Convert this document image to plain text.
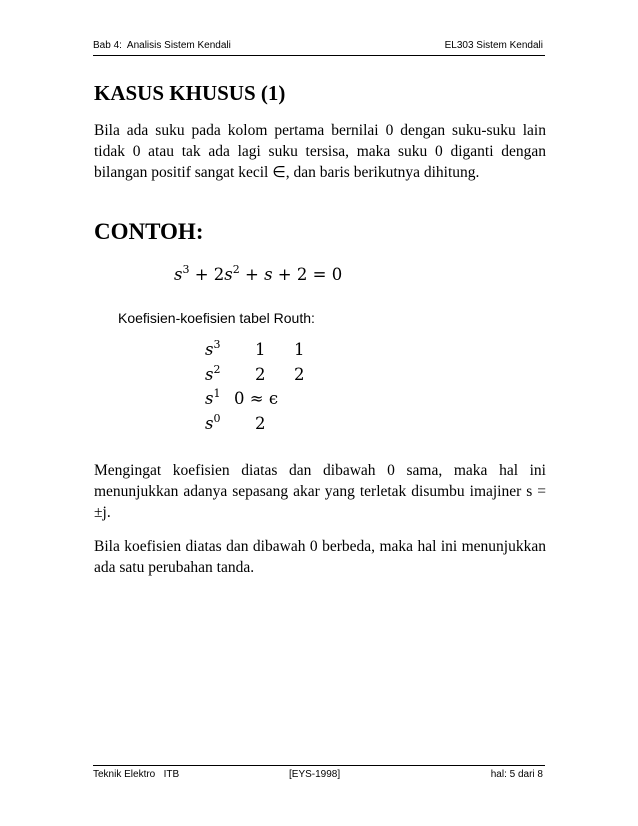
Bab 4:  Analisis Sistem Kendali	EL303 Sistem Kendali
KASUS KHUSUS (1)

Bila ada suku pada kolom pertama bernilai 0 dengan suku-suku lain tidak 0 atau tak ada lagi suku tersisa, maka suku 0 diganti dengan bilangan positif sangat kecil ∈, dan baris berikutnya dihitung.

CONTOH:
$s^3 + 2s^2 + s + 2 = 0$
Koefisien-koefisien tabel Routh:
$s^3$ 1 1
$s^2$ 2 2
$s^1$ 0 ≈ ϵ
$s^0$ 2

Mengingat koefisien diatas dan dibawah 0 sama, maka hal ini menunjukkan adanya sepasang akar yang terletak disumbu imajiner s = ±j.

Bila koefisien diatas dan dibawah 0 berbeda, maka hal ini menunjukkan ada satu perubahan tanda.

Teknik Elektro   ITB	[EYS-1998]	hal: 5 dari 8
